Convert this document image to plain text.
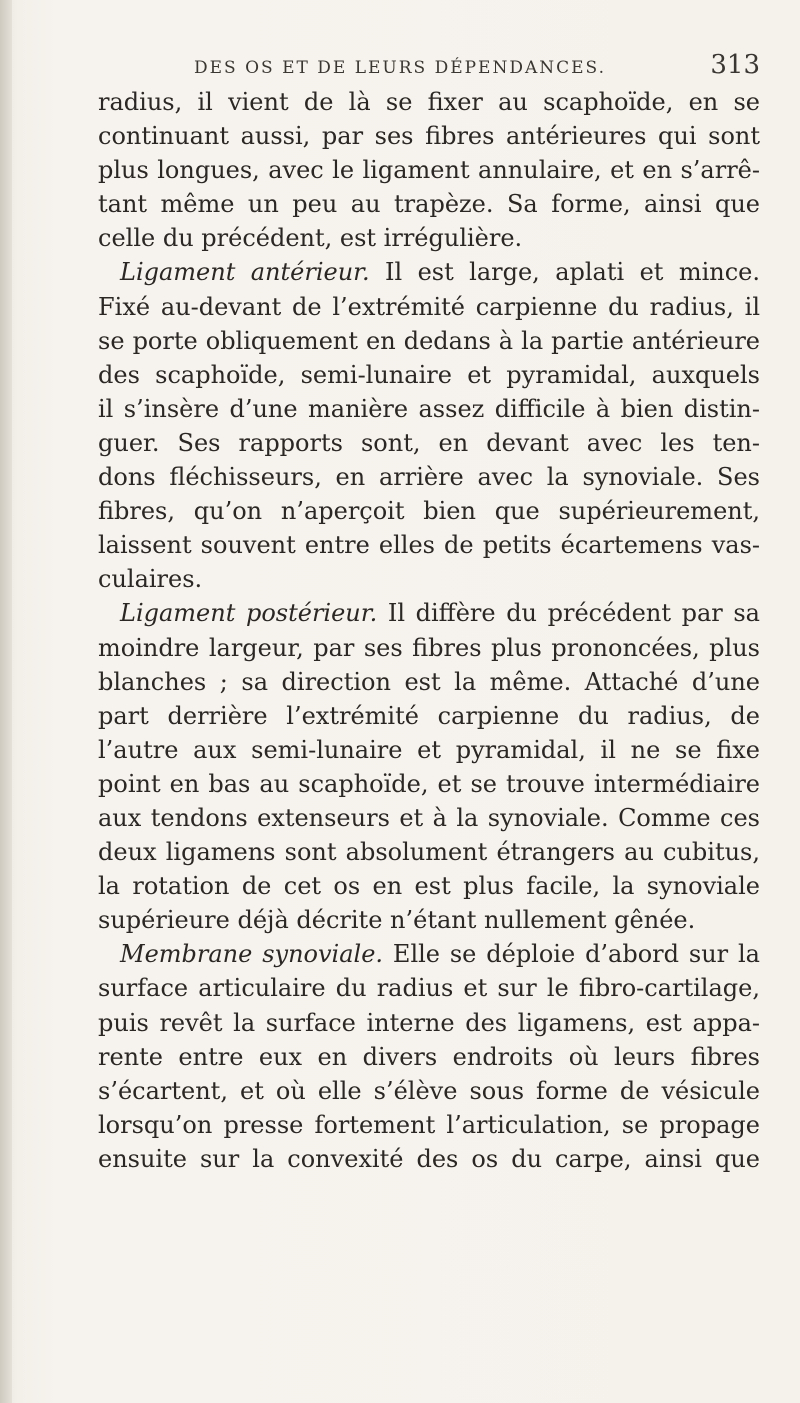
DES OS ET DE LEURS DÉPENDANCES.	313
radius, il vient de là se fixer au scaphoïde, en se
continuant aussi, par ses fibres antérieures qui sont
plus longues, avec le ligament annulaire, et en s’arrê-
tant même un peu au trapèze. Sa forme, ainsi que
celle du précédent, est irrégulière.
Ligament antérieur. Il est large, aplati et mince.
Fixé au-devant de l’extrémité carpienne du radius, il
se porte obliquement en dedans à la partie antérieure
des scaphoïde, semi-lunaire et pyramidal, auxquels
il s’insère d’une manière assez difficile à bien distin-
guer. Ses rapports sont, en devant avec les ten-
dons fléchisseurs, en arrière avec la synoviale. Ses
fibres, qu’on n’aperçoit bien que supérieurement,
laissent souvent entre elles de petits écartemens vas-
culaires.
Ligament postérieur. Il diffère du précédent par sa
moindre largeur, par ses fibres plus prononcées, plus
blanches ; sa direction est la même. Attaché d’une
part derrière l’extrémité carpienne du radius, de
l’autre aux semi-lunaire et pyramidal, il ne se fixe
point en bas au scaphoïde, et se trouve intermédiaire
aux tendons extenseurs et à la synoviale. Comme ces
deux ligamens sont absolument étrangers au cubitus,
la rotation de cet os en est plus facile, la synoviale
supérieure déjà décrite n’étant nullement gênée.
Membrane synoviale. Elle se déploie d’abord sur la
surface articulaire du radius et sur le fibro-cartilage,
puis revêt la surface interne des ligamens, est appa-
rente entre eux en divers endroits où leurs fibres
s’écartent, et où elle s’élève sous forme de vésicule
lorsqu’on presse fortement l’articulation, se propage
ensuite sur la convexité des os du carpe, ainsi que
